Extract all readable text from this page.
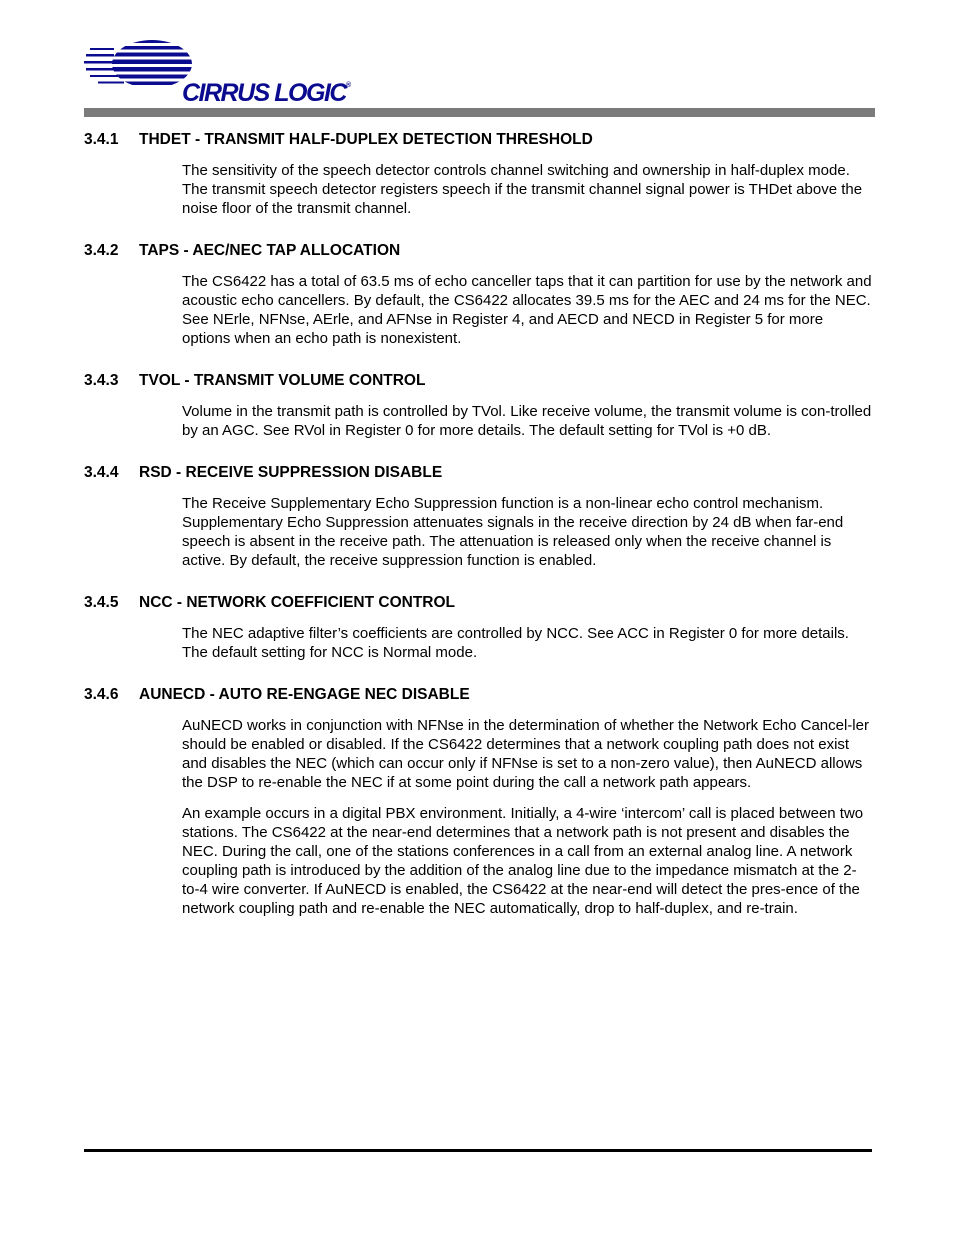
CIRRUS LOGIC®
3.4.1	THDET - TRANSMIT HALF-DUPLEX DETECTION THRESHOLD

The sensitivity of the speech detector controls channel switching and ownership in half-duplex mode. The transmit speech detector registers speech if the transmit channel signal power is THDet above the noise floor of the transmit channel.

3.4.2	TAPS - AEC/NEC TAP ALLOCATION

The CS6422 has a total of 63.5 ms of echo canceller taps that it can partition for use by the network and acoustic echo cancellers. By default, the CS6422 allocates 39.5 ms for the AEC and 24 ms for the NEC. See NErle, NFNse, AErle, and AFNse in Register 4, and AECD and NECD in Register 5 for more options when an echo path is nonexistent.

3.4.3	TVOL - TRANSMIT VOLUME CONTROL

Volume in the transmit path is controlled by TVol. Like receive volume, the transmit volume is con-trolled by an AGC. See RVol in Register 0 for more details. The default setting for TVol is +0 dB.

3.4.4	RSD - RECEIVE SUPPRESSION DISABLE

The Receive Supplementary Echo Suppression function is a non-linear echo control mechanism. Supplementary Echo Suppression attenuates signals in the receive direction by 24 dB when far-end speech is absent in the receive path. The attenuation is released only when the receive channel is active. By default, the receive suppression function is enabled.

3.4.5	NCC - NETWORK COEFFICIENT CONTROL

The NEC adaptive filter’s coefficients are controlled by NCC. See ACC in Register 0 for more details. The default setting for NCC is Normal mode.

3.4.6	AUNECD - AUTO RE-ENGAGE NEC DISABLE

AuNECD works in conjunction with NFNse in the determination of whether the Network Echo Cancel-ler should be enabled or disabled. If the CS6422 determines that a network coupling path does not exist and disables the NEC (which can occur only if NFNse is set to a non-zero value), then AuNECD allows the DSP to re-enable the NEC if at some point during the call a network path appears.

An example occurs in a digital PBX environment. Initially, a 4-wire ‘intercom’ call is placed between two stations. The CS6422 at the near-end determines that a network path is not present and disables the NEC. During the call, one of the stations conferences in a call from an external analog line. A network coupling path is introduced by the addition of the analog line due to the impedance mismatch at the 2-to-4 wire converter. If AuNECD is enabled, the CS6422 at the near-end will detect the pres-ence of the network coupling path and re-enable the NEC automatically, drop to half-duplex, and re-train.
